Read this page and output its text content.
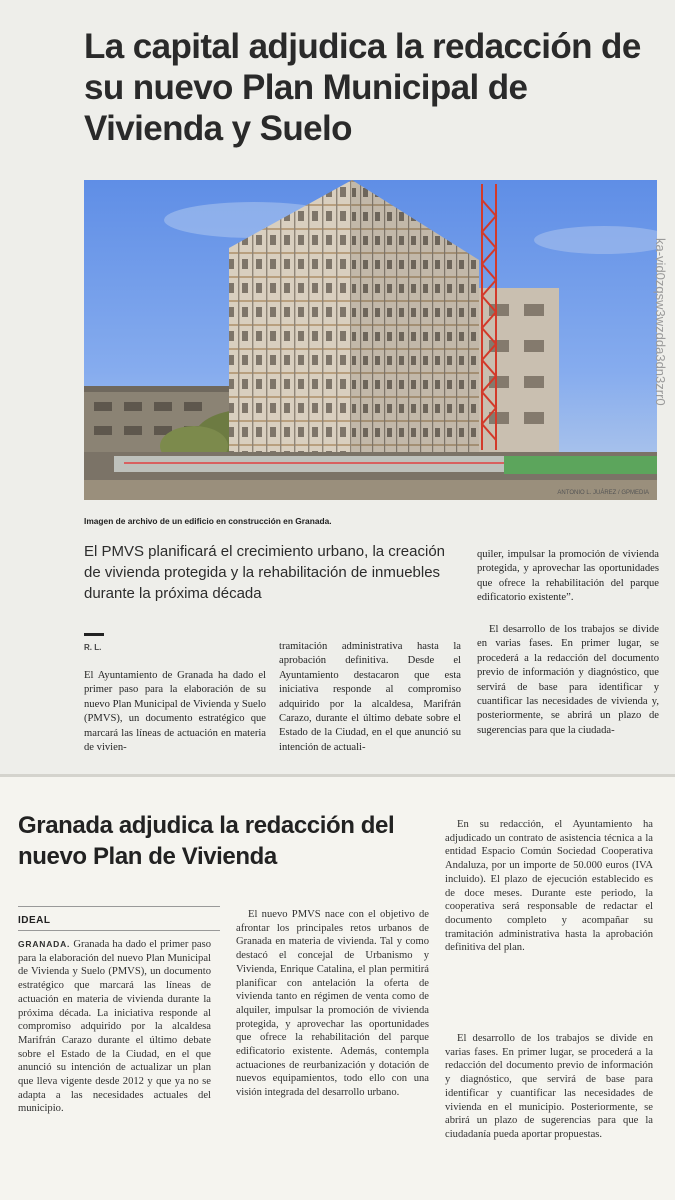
La capital adjudica la redacción de su nuevo Plan Municipal de Vivienda y Suelo
ANTONIO L. JUÁREZ / GPMEDIA
Imagen de archivo de un edificio en construcción en Granada.

El PMVS planificará el crecimiento urbano, la creación de vivienda protegida y la rehabilitación de inmuebles durante la próxima década

R. L.

El Ayuntamiento de Granada ha dado el primer paso para la elaboración de su nuevo Plan Municipal de Vivienda y Suelo (PMVS), un documento estratégico que marcará las líneas de actuación en materia de vivien-

tramitación administrativa hasta la aprobación definitiva. Desde el Ayuntamiento destacaron que esta iniciativa responde al compromiso adquirido por la alcaldesa, Marifrán Carazo, durante el último debate sobre el Estado de la Ciudad, en el que anunció su intención de actuali-

quiler, impulsar la promoción de vivienda protegida, y aprovechar las oportunidades que ofrece la rehabilitación del parque edificatorio existente”.

El desarrollo de los trabajos se divide en varias fases. En primer lugar, se procederá a la redacción del documento previo de información y diagnóstico, que servirá de base para identificar y cuantificar las necesidades de vivienda y, posteriormente, se abrirá un plazo de sugerencias para que la ciudada-

ka-vid0zqsw3wzdda3dn3zrr0
Granada adjudica la redacción del nuevo Plan de Vivienda
IDEAL

GRANADA. Granada ha dado el primer paso para la elaboración del nuevo Plan Municipal de Vivienda y Suelo (PMVS), un documento estratégico que marcará las líneas de actuación en materia de vivienda durante la próxima década. La iniciativa responde al compromiso adquirido por la alcaldesa Marifrán Carazo durante el último debate sobre el Estado de la Ciudad, en el que anunció su intención de actualizar un plan que lleva vigente desde 2012 y que ya no se adapta a las necesidades actuales del municipio.

El nuevo PMVS nace con el objetivo de afrontar los principales retos urbanos de Granada en materia de vivienda. Tal y como destacó el concejal de Urbanismo y Vivienda, Enrique Catalina, el plan permitirá planificar con antelación la oferta de vivienda tanto en régimen de venta como de alquiler, impulsar la promoción de vivienda protegida, y aprovechar las oportunidades que ofrece la rehabilitación del parque edificatorio existente. Además, contempla actuaciones de reurbanización y dotación de nuevos equipamientos, todo ello con una visión integrada del desarrollo urbano.

En su redacción, el Ayuntamiento ha adjudicado un contrato de asistencia técnica a la entidad Espacio Común Sociedad Cooperativa Andaluza, por un importe de 50.000 euros (IVA incluido). El plazo de ejecución establecido es de doce meses. Durante este periodo, la cooperativa será responsable de redactar el documento completo y acompañar su tramitación administrativa hasta la aprobación definitiva del plan.

El desarrollo de los trabajos se divide en varias fases. En primer lugar, se procederá a la redacción del documento previo de información y diagnóstico, que servirá de base para identificar y cuantificar las necesidades de vivienda en el municipio. Posteriormente, se abrirá un plazo de sugerencias para que la ciudadanía pueda aportar propuestas.
